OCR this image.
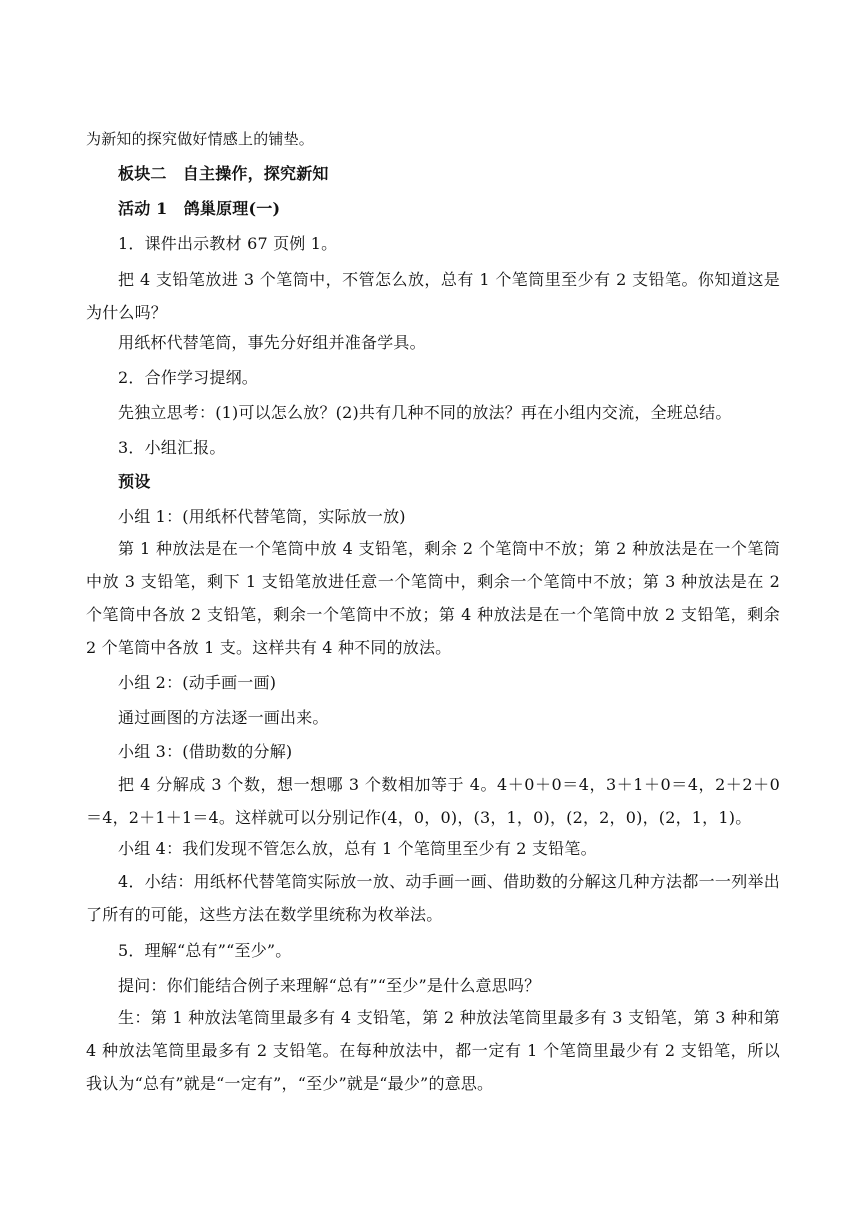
为新知的探究做好情感上的铺垫。
板块二　自主操作，探究新知
活动 1　鸽巢原理(一)
1．课件出示教材 67 页例 1。
把 4 支铅笔放进 3 个笔筒中，不管怎么放，总有 1 个笔筒里至少有 2 支铅笔。你知道这是为什么吗？
用纸杯代替笔筒，事先分好组并准备学具。
2．合作学习提纲。
先独立思考：(1)可以怎么放？(2)共有几种不同的放法？再在小组内交流，全班总结。
3．小组汇报。
预设
小组 1：(用纸杯代替笔筒，实际放一放)
第 1 种放法是在一个笔筒中放 4 支铅笔，剩余 2 个笔筒中不放；第 2 种放法是在一个笔筒中放 3 支铅笔，剩下 1 支铅笔放进任意一个笔筒中，剩余一个笔筒中不放；第 3 种放法是在 2 个笔筒中各放 2 支铅笔，剩余一个笔筒中不放；第 4 种放法是在一个笔筒中放 2 支铅笔，剩余 2 个笔筒中各放 1 支。这样共有 4 种不同的放法。
小组 2：(动手画一画)
通过画图的方法逐一画出来。
小组 3：(借助数的分解)
把 4 分解成 3 个数，想一想哪 3 个数相加等于 4。4＋0＋0＝4，3＋1＋0＝4，2＋2＋0＝4，2＋1＋1＝4。这样就可以分别记作(4，0，0)，(3，1，0)，(2，2，0)，(2，1，1)。
小组 4：我们发现不管怎么放，总有 1 个笔筒里至少有 2 支铅笔。
4．小结：用纸杯代替笔筒实际放一放、动手画一画、借助数的分解这几种方法都一一列举出了所有的可能，这些方法在数学里统称为枚举法。
5．理解“总有”“至少”。
提问：你们能结合例子来理解“总有”“至少”是什么意思吗？
生：第 1 种放法笔筒里最多有 4 支铅笔，第 2 种放法笔筒里最多有 3 支铅笔，第 3 种和第 4 种放法笔筒里最多有 2 支铅笔。在每种放法中，都一定有 1 个笔筒里最少有 2 支铅笔，所以我认为“总有”就是“一定有”，“至少”就是“最少”的意思。
